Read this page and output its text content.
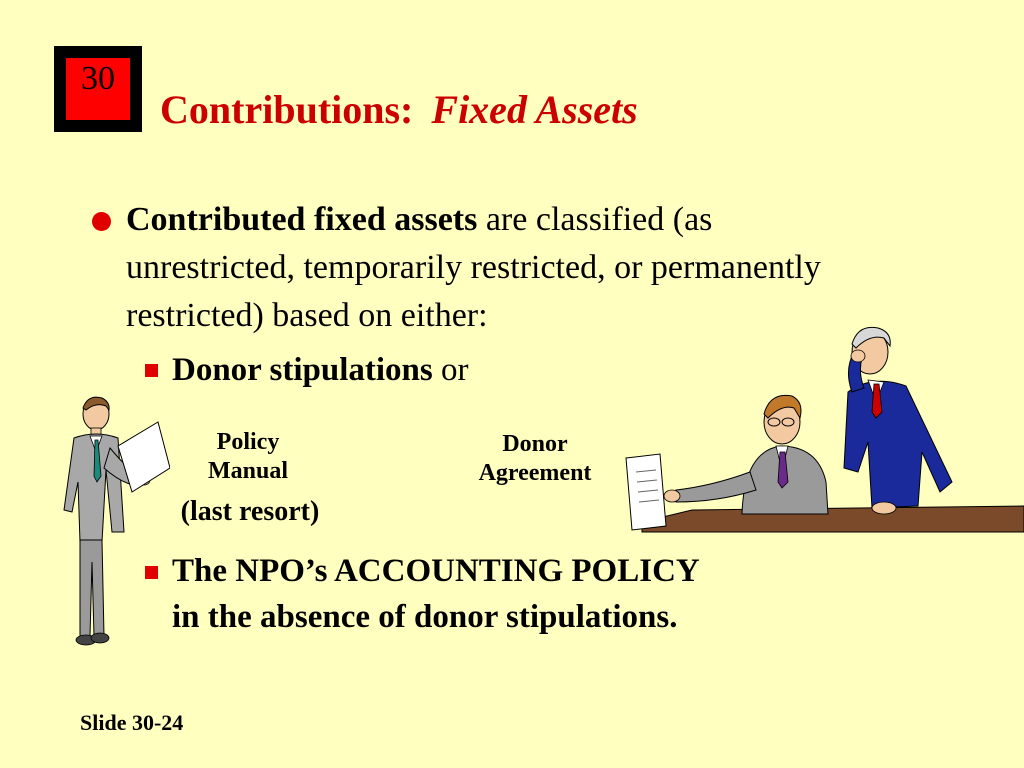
30
Contributions: Fixed Assets
Contributed fixed assets are classified (as unrestricted, temporarily restricted, or permanently restricted) based on either:
Donor stipulations or
The NPO’s ACCOUNTING POLICY
in the absence of donor stipulations.
Policy
Manual
(last resort)
Donor
Agreement
Slide 30-24
